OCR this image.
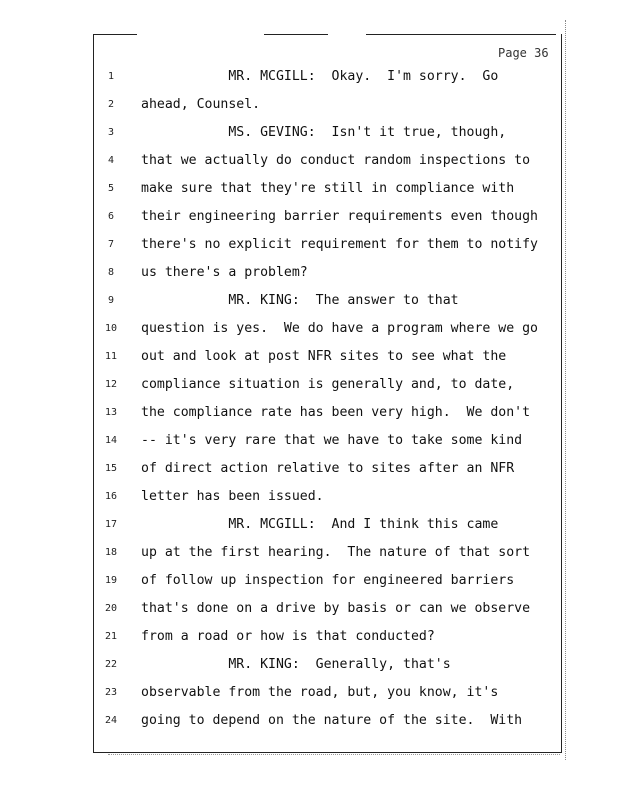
Page 36
1	MR. MCGILL:  Okay.  I'm sorry.  Go
2	ahead, Counsel.
3	MS. GEVING:  Isn't it true, though,
4	that we actually do conduct random inspections to
5	make sure that they're still in compliance with
6	their engineering barrier requirements even though
7	there's no explicit requirement for them to notify
8	us there's a problem?
9	MR. KING:  The answer to that
10	question is yes.  We do have a program where we go
11	out and look at post NFR sites to see what the
12	compliance situation is generally and, to date,
13	the compliance rate has been very high.  We don't
14	-- it's very rare that we have to take some kind
15	of direct action relative to sites after an NFR
16	letter has been issued.
17	MR. MCGILL:  And I think this came
18	up at the first hearing.  The nature of that sort
19	of follow up inspection for engineered barriers
20	that's done on a drive by basis or can we observe
21	from a road or how is that conducted?
22	MR. KING:  Generally, that's
23	observable from the road, but, you know, it's
24	going to depend on the nature of the site.  With
